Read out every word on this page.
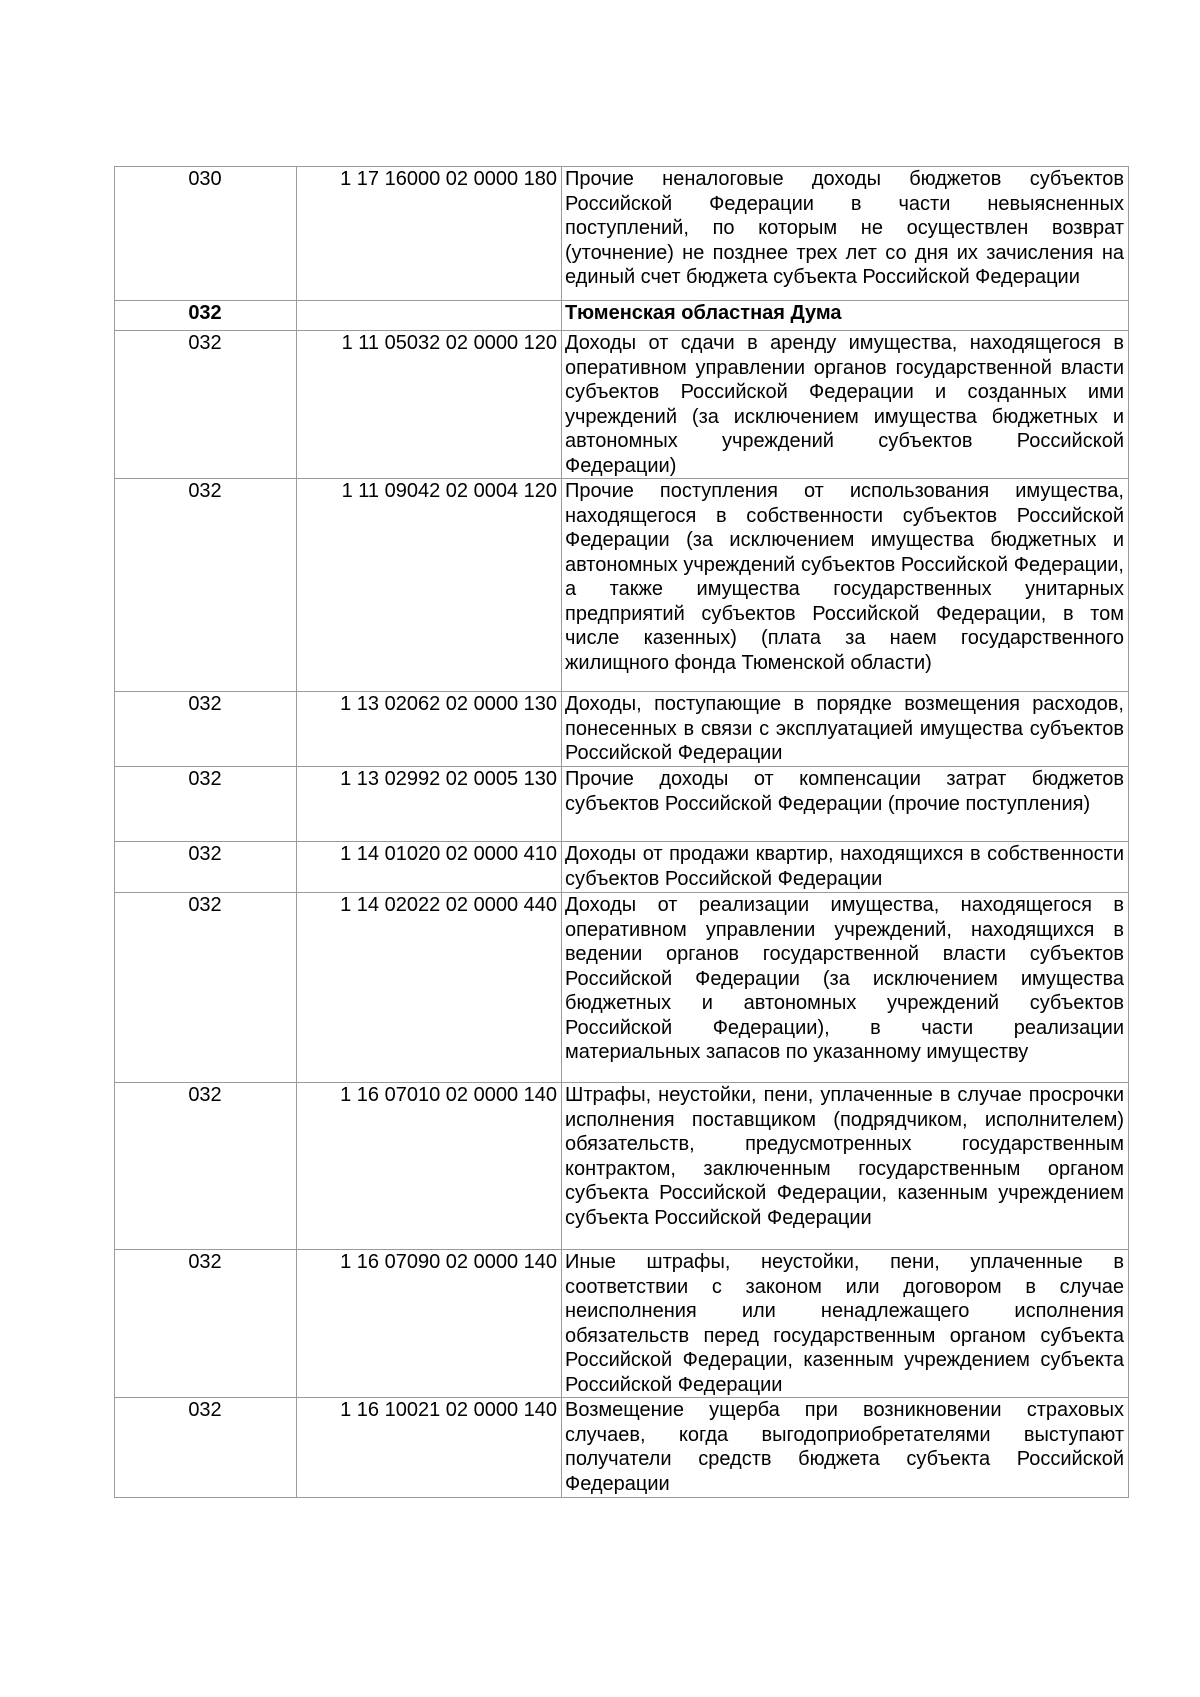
030	1 17 16000 02 0000 180	Прочие неналоговые доходы бюджетов субъектов Российской Федерации в части невыясненных поступлений, по которым не осуществлен возврат (уточнение) не позднее трех лет со дня их зачисления на единый счет бюджета субъекта Российской Федерации
032		Тюменская областная Дума
032	1 11 05032 02 0000 120	Доходы от сдачи в аренду имущества, находящегося в оперативном управлении органов государственной власти субъектов Российской Федерации и созданных ими учреждений (за исключением имущества бюджетных и автономных учреждений субъектов Российской Федерации)
032	1 11 09042 02 0004 120	Прочие поступления от использования имущества, находящегося в собственности субъектов Российской Федерации (за исключением имущества бюджетных и автономных учреждений субъектов Российской Федерации, а также имущества государственных унитарных предприятий субъектов Российской Федерации, в том числе казенных) (плата за наем государственного жилищного фонда Тюменской области)
032	1 13 02062 02 0000 130	Доходы, поступающие в порядке возмещения расходов, понесенных в связи с эксплуатацией имущества субъектов Российской Федерации
032	1 13 02992 02 0005 130	Прочие доходы от компенсации затрат бюджетов субъектов Российской Федерации (прочие поступления)
032	1 14 01020 02 0000 410	Доходы от продажи квартир, находящихся в собственности субъектов Российской Федерации
032	1 14 02022 02 0000 440	Доходы от реализации имущества, находящегося в оперативном управлении учреждений, находящихся в ведении органов государственной власти субъектов Российской Федерации (за исключением имущества бюджетных и автономных учреждений субъектов Российской Федерации), в части реализации материальных запасов по указанному имуществу
032	1 16 07010 02 0000 140	Штрафы, неустойки, пени, уплаченные в случае просрочки исполнения поставщиком (подрядчиком, исполнителем) обязательств, предусмотренных государственным контрактом, заключенным государственным органом субъекта Российской Федерации, казенным учреждением субъекта Российской Федерации
032	1 16 07090 02 0000 140	Иные штрафы, неустойки, пени, уплаченные в соответствии с законом или договором в случае неисполнения или ненадлежащего исполнения обязательств перед государственным органом субъекта Российской Федерации, казенным учреждением субъекта Российской Федерации
032	1 16 10021 02 0000 140	Возмещение ущерба при возникновении страховых случаев, когда выгодоприобретателями выступают получатели средств бюджета субъекта Российской Федерации
